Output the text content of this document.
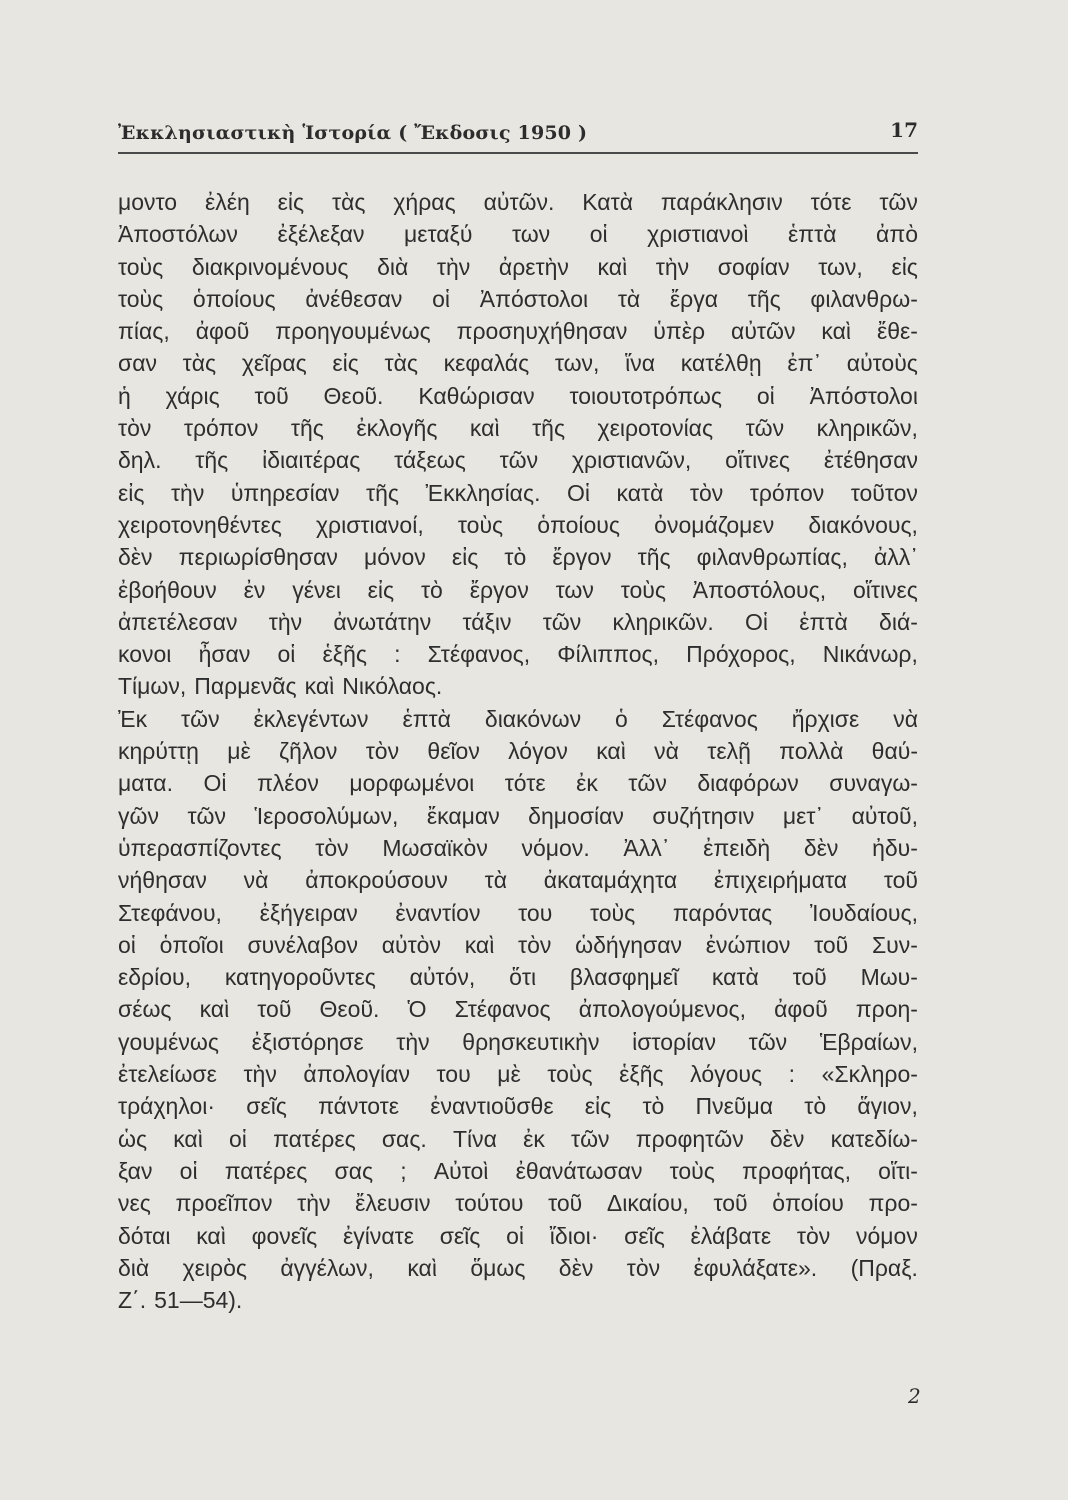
Ἐκκλησιαστικὴ Ἱστορία ( Ἔκδοσις 1950 )	17
μοντο ἐλέη εἰς τὰς χήρας αὐτῶν. Κατὰ παράκλησιν τότε τῶν
Ἀποστόλων ἐξέλεξαν μεταξύ των οἱ χριστιανοὶ ἑπτὰ ἀπὸ
τοὺς διακρινομένους διὰ τὴν ἀρετὴν καὶ τὴν σοφίαν των, εἰς
τοὺς ὁποίους ἀνέθεσαν οἱ Ἀπόστολοι τὰ ἔργα τῆς φιλανθρω-
πίας, ἀφοῦ προηγουμένως προσηυχήθησαν ὑπὲρ αὐτῶν καὶ ἔθε-
σαν τὰς χεῖρας εἰς τὰς κεφαλάς των, ἵνα κατέλθῃ ἐπ᾽ αὐτοὺς
ἡ χάρις τοῦ Θεοῦ. Καθώρισαν τοιουτοτρόπως οἱ Ἀπόστολοι
τὸν τρόπον τῆς ἐκλογῆς καὶ τῆς χειροτονίας τῶν κληρικῶν,
δηλ. τῆς ἰδιαιτέρας τάξεως τῶν χριστιανῶν, οἵτινες ἐτέθησαν
εἰς τὴν ὑπηρεσίαν τῆς Ἐκκλησίας. Οἱ κατὰ τὸν τρόπον τοῦτον
χειροτονηθέντες χριστιανοί, τοὺς ὁποίους ὀνομάζομεν διακόνους,
δὲν περιωρίσθησαν μόνον εἰς τὸ ἔργον τῆς φιλανθρωπίας, ἀλλ᾽
ἐβοήθουν ἐν γένει εἰς τὸ ἔργον των τοὺς Ἀποστόλους, οἵτινες
ἀπετέλεσαν τὴν ἀνωτάτην τάξιν τῶν κληρικῶν. Οἱ ἑπτὰ διά-
κονοι ἦσαν οἱ ἑξῆς : Στέφανος, Φίλιππος, Πρόχορος, Νικάνωρ,
Τίμων, Παρμενᾶς καὶ Νικόλαος.
Ἐκ τῶν ἐκλεγέντων ἑπτὰ διακόνων ὁ Στέφανος ἤρχισε νὰ
κηρύττῃ μὲ ζῆλον τὸν θεῖον λόγον καὶ νὰ τελῇ πολλὰ θαύ-
ματα. Οἱ πλέον μορφωμένοι τότε ἐκ τῶν διαφόρων συναγω-
γῶν τῶν Ἱεροσολύμων, ἔκαμαν δημοσίαν συζήτησιν μετ᾽ αὐτοῦ,
ὑπερασπίζοντες τὸν Μωσαϊκὸν νόμον. Ἀλλ᾽ ἐπειδὴ δὲν ἠδυ-
νήθησαν νὰ ἀποκρούσουν τὰ ἀκαταμάχητα ἐπιχειρήματα τοῦ
Στεφάνου, ἐξήγειραν ἐναντίον του τοὺς παρόντας Ἰουδαίους,
οἱ ὁποῖοι συνέλαβον αὐτὸν καὶ τὸν ὡδήγησαν ἐνώπιον τοῦ Συν-
εδρίου, κατηγοροῦντες αὐτόν, ὅτι βλασφημεῖ κατὰ τοῦ Μωυ-
σέως καὶ τοῦ Θεοῦ. Ὁ Στέφανος ἀπολογούμενος, ἀφοῦ προη-
γουμένως ἐξιστόρησε τὴν θρησκευτικὴν ἱστορίαν τῶν Ἑβραίων,
ἐτελείωσε τὴν ἀπολογίαν του μὲ τοὺς ἑξῆς λόγους : «Σκληρο-
τράχηλοι· σεῖς πάντοτε ἐναντιοῦσθε εἰς τὸ Πνεῦμα τὸ ἅγιον,
ὡς καὶ οἱ πατέρες σας. Τίνα ἐκ τῶν προφητῶν δὲν κατεδίω-
ξαν οἱ πατέρες σας ; Αὐτοὶ ἐθανάτωσαν τοὺς προφήτας, οἵτι-
νες προεῖπον τὴν ἔλευσιν τούτου τοῦ Δικαίου, τοῦ ὁποίου προ-
δόται καὶ φονεῖς ἐγίνατε σεῖς οἱ ἴδιοι· σεῖς ἐλάβατε τὸν νόμον
διὰ χειρὸς ἀγγέλων, καὶ ὅμως δὲν τὸν ἐφυλάξατε». (Πραξ.
Ζ΄. 51—54).
2
